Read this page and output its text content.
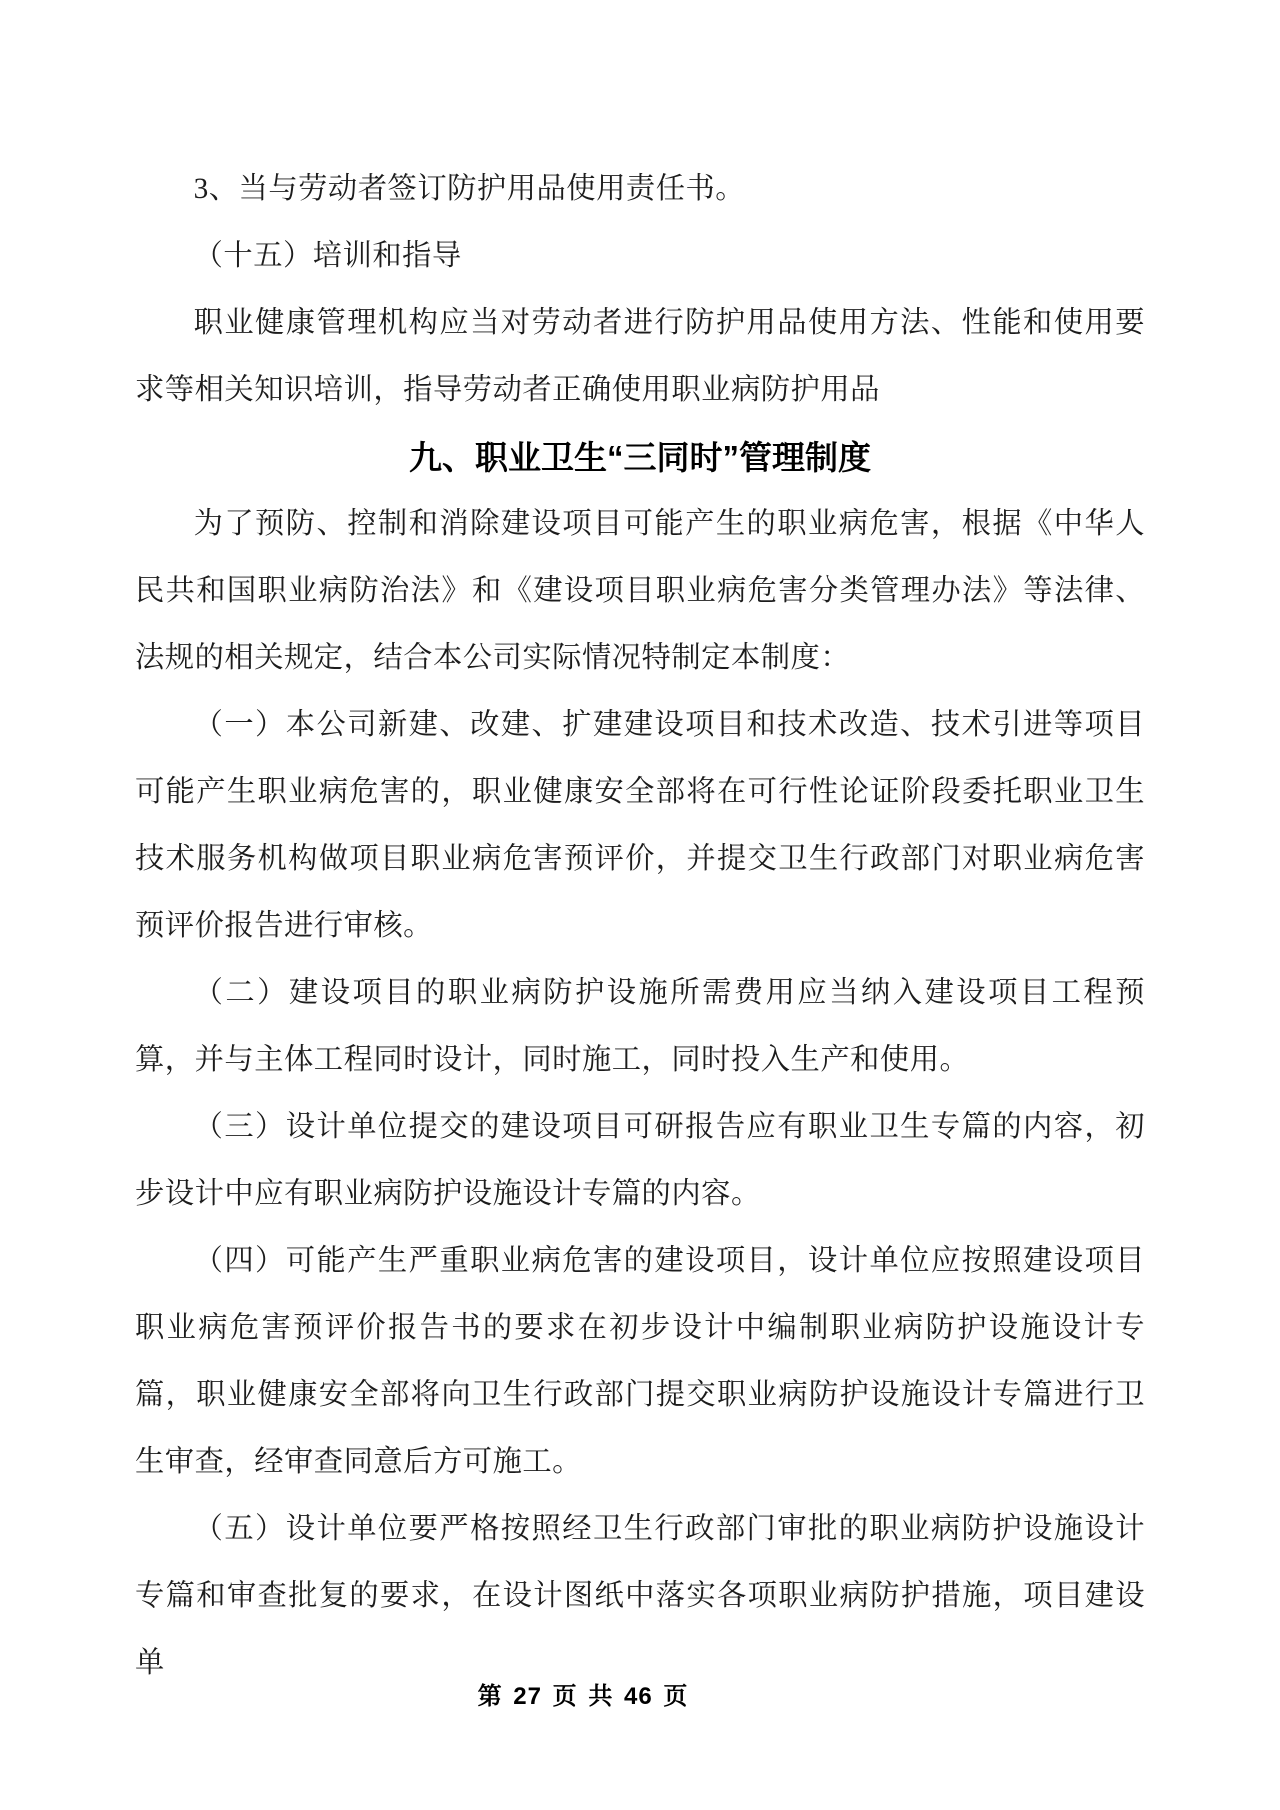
3、当与劳动者签订防护用品使用责任书。

（十五）培训和指导

职业健康管理机构应当对劳动者进行防护用品使用方法、性能和使用要求等相关知识培训，指导劳动者正确使用职业病防护用品

九、职业卫生“三同时”管理制度

为了预防、控制和消除建设项目可能产生的职业病危害，根据《中华人民共和国职业病防治法》和《建设项目职业病危害分类管理办法》等法律、法规的相关规定，结合本公司实际情况特制定本制度：

（一）本公司新建、改建、扩建建设项目和技术改造、技术引进等项目可能产生职业病危害的，职业健康安全部将在可行性论证阶段委托职业卫生技术服务机构做项目职业病危害预评价，并提交卫生行政部门对职业病危害预评价报告进行审核。

（二）建设项目的职业病防护设施所需费用应当纳入建设项目工程预算，并与主体工程同时设计，同时施工，同时投入生产和使用。

（三）设计单位提交的建设项目可研报告应有职业卫生专篇的内容，初步设计中应有职业病防护设施设计专篇的内容。

（四）可能产生严重职业病危害的建设项目，设计单位应按照建设项目职业病危害预评价报告书的要求在初步设计中编制职业病防护设施设计专篇，职业健康安全部将向卫生行政部门提交职业病防护设施设计专篇进行卫生审查，经审查同意后方可施工。

（五）设计单位要严格按照经卫生行政部门审批的职业病防护设施设计专篇和审查批复的要求，在设计图纸中落实各项职业病防护措施，项目建设单

第 27 页 共 46 页
